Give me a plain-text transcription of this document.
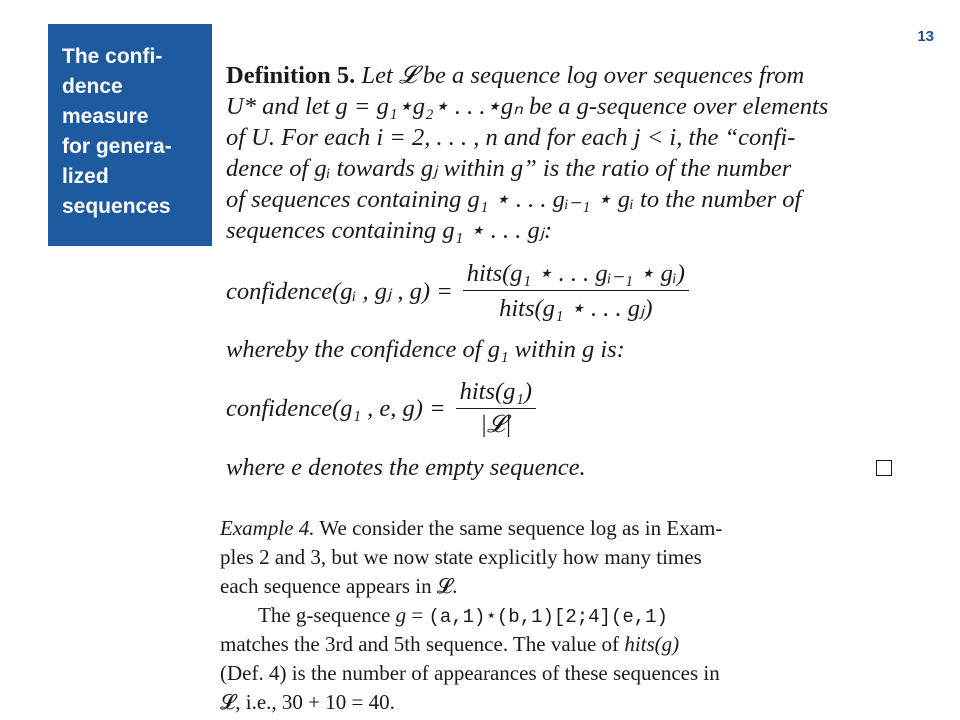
13
The confi-
dence
measure
for genera-
lized
sequences
Definition 5. Let 𝓛 be a sequence log over sequences from
U* and let g = g₁⋆g₂⋆ . . .⋆gₙ be a g-sequence over elements
of U. For each i = 2, . . . , n and for each j < i, the “confi-
dence of gᵢ towards gⱼ within g” is the ratio of the number
of sequences containing g₁ ⋆ . . . gᵢ₋₁ ⋆ gᵢ to the number of
sequences containing g₁ ⋆ . . . gⱼ:
confidence(gᵢ , gⱼ , $g) = \frac{\text{hits(g₁ ⋆ . . . gᵢ₋₁ ⋆ gᵢ)}}{\text{hits(g₁ ⋆ . . . gⱼ)}}$
whereby the confidence of g₁ within g is:
confidence(g₁ , e, $g) = \frac{\text{hits(g₁)}}{\text{|𝓛|}}$
where e denotes the empty sequence.
Example 4. We consider the same sequence log as in Exam-
ples 2 and 3, but we now state explicitly how many times
each sequence appears in 𝓛.
The g-sequence g = (a,1)⋆(b,1)[2;4](e,1)
matches the 3rd and 5th sequence. The value of hits(g)
(Def. 4) is the number of appearances of these sequences in
𝓛, i.e., 30 + 10 = 40.
